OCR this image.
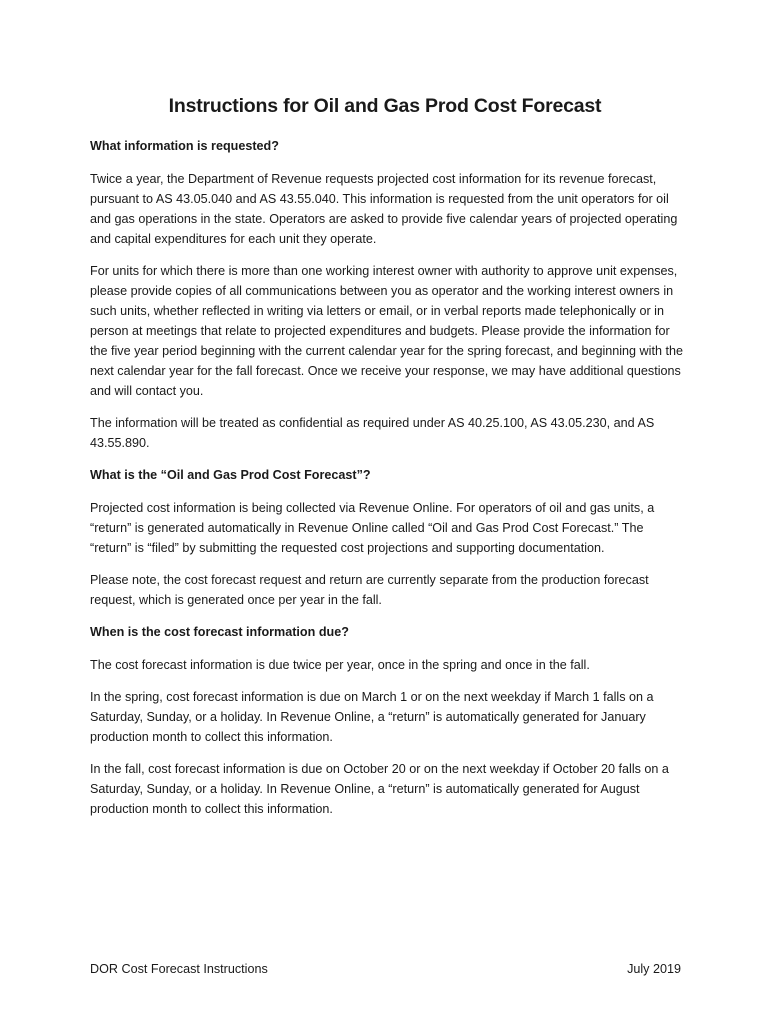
Instructions for Oil and Gas Prod Cost Forecast

What information is requested?

Twice a year, the Department of Revenue requests projected cost information for its revenue forecast, pursuant to AS 43.05.040 and AS 43.55.040. This information is requested from the unit operators for oil and gas operations in the state. Operators are asked to provide five calendar years of projected operating and capital expenditures for each unit they operate.

For units for which there is more than one working interest owner with authority to approve unit expenses, please provide copies of all communications between you as operator and the working interest owners in such units, whether reflected in writing via letters or email, or in verbal reports made telephonically or in person at meetings that relate to projected expenditures and budgets. Please provide the information for the five year period beginning with the current calendar year for the spring forecast, and beginning with the next calendar year for the fall forecast. Once we receive your response, we may have additional questions and will contact you.

The information will be treated as confidential as required under AS 40.25.100, AS 43.05.230, and AS 43.55.890.

What is the “Oil and Gas Prod Cost Forecast”?

Projected cost information is being collected via Revenue Online. For operators of oil and gas units, a “return” is generated automatically in Revenue Online called “Oil and Gas Prod Cost Forecast.” The “return” is “filed” by submitting the requested cost projections and supporting documentation.

Please note, the cost forecast request and return are currently separate from the production forecast request, which is generated once per year in the fall.

When is the cost forecast information due?

The cost forecast information is due twice per year, once in the spring and once in the fall.

In the spring, cost forecast information is due on March 1 or on the next weekday if March 1 falls on a Saturday, Sunday, or a holiday. In Revenue Online, a “return” is automatically generated for January production month to collect this information.

In the fall, cost forecast information is due on October 20 or on the next weekday if October 20 falls on a Saturday, Sunday, or a holiday. In Revenue Online, a “return” is automatically generated for August production month to collect this information.

DOR Cost Forecast Instructions	July 2019
